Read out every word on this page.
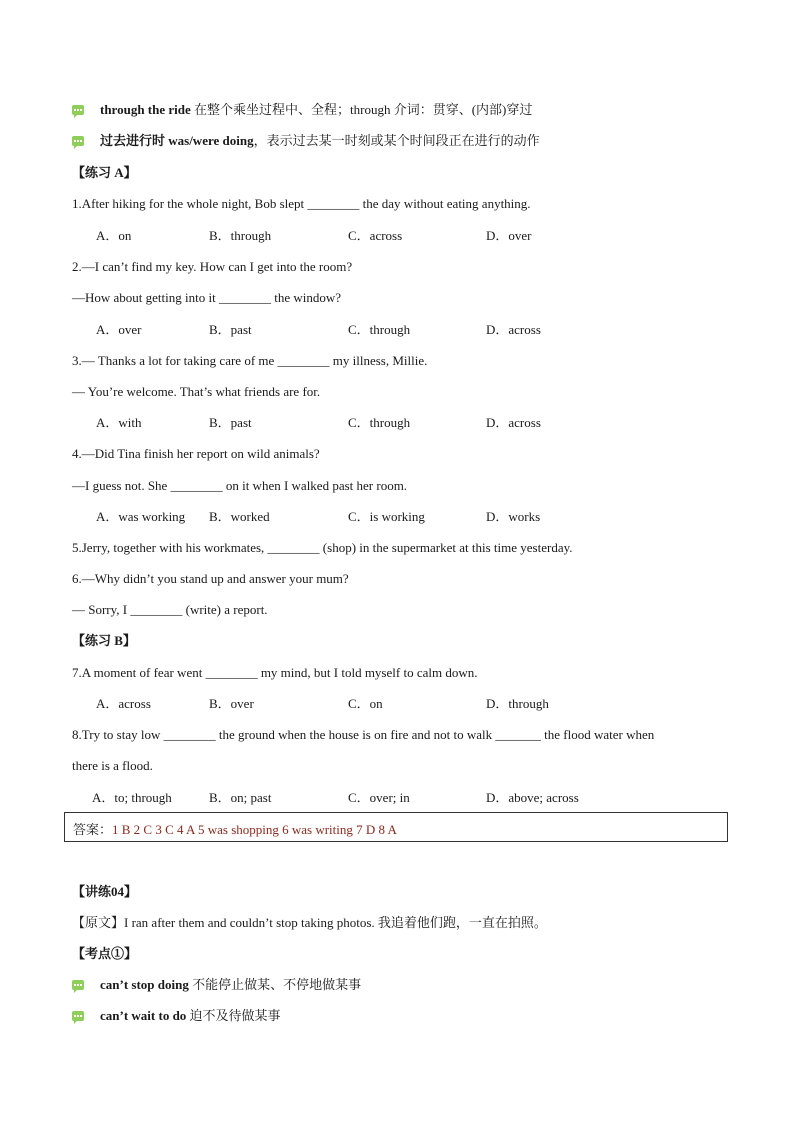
through the ride 在整个乘坐过程中、全程；through 介词：贯穿、(内部)穿过
过去进行时 was/were doing，表示过去某一时刻或某个时间段正在进行的动作
【练习 A】
1.After hiking for the whole night, Bob slept ________ the day without eating anything.
A．on	B．through	C．across	D．over
2.—I can’t find my key. How can I get into the room?
—How about getting into it ________ the window?
A．over	B．past	C．through	D．across
3.— Thanks a lot for taking care of me ________ my illness, Millie.
— You’re welcome. That’s what friends are for.
A．with	B．past	C．through	D．across
4.—Did Tina finish her report on wild animals?
—I guess not. She ________ on it when I walked past her room.
A．was working B．worked	C．is working	D．works
5.Jerry, together with his workmates, ________ (shop) in the supermarket at this time yesterday.
6.—Why didn’t you stand up and answer your mum?
— Sorry, I ________ (write) a report.
【练习 B】
7.A moment of fear went ________ my mind, but I told myself to calm down.
A．across	B．over	C．on	D．through
8.Try to stay low ________ the ground when the house is on fire and not to walk _______ the flood water when
there is a flood.
A．to; through	B．on; past	C．over; in	D．above; across
答案：1 B 2 C 3 C 4 A 5 was shopping 6 was writing 7 D 8 A
【讲练04】
【原文】I ran after them and couldn’t stop taking photos. 我追着他们跑，一直在拍照。
【考点①】
can’t stop doing 不能停止做某、不停地做某事
can’t wait to do 迫不及待做某事
